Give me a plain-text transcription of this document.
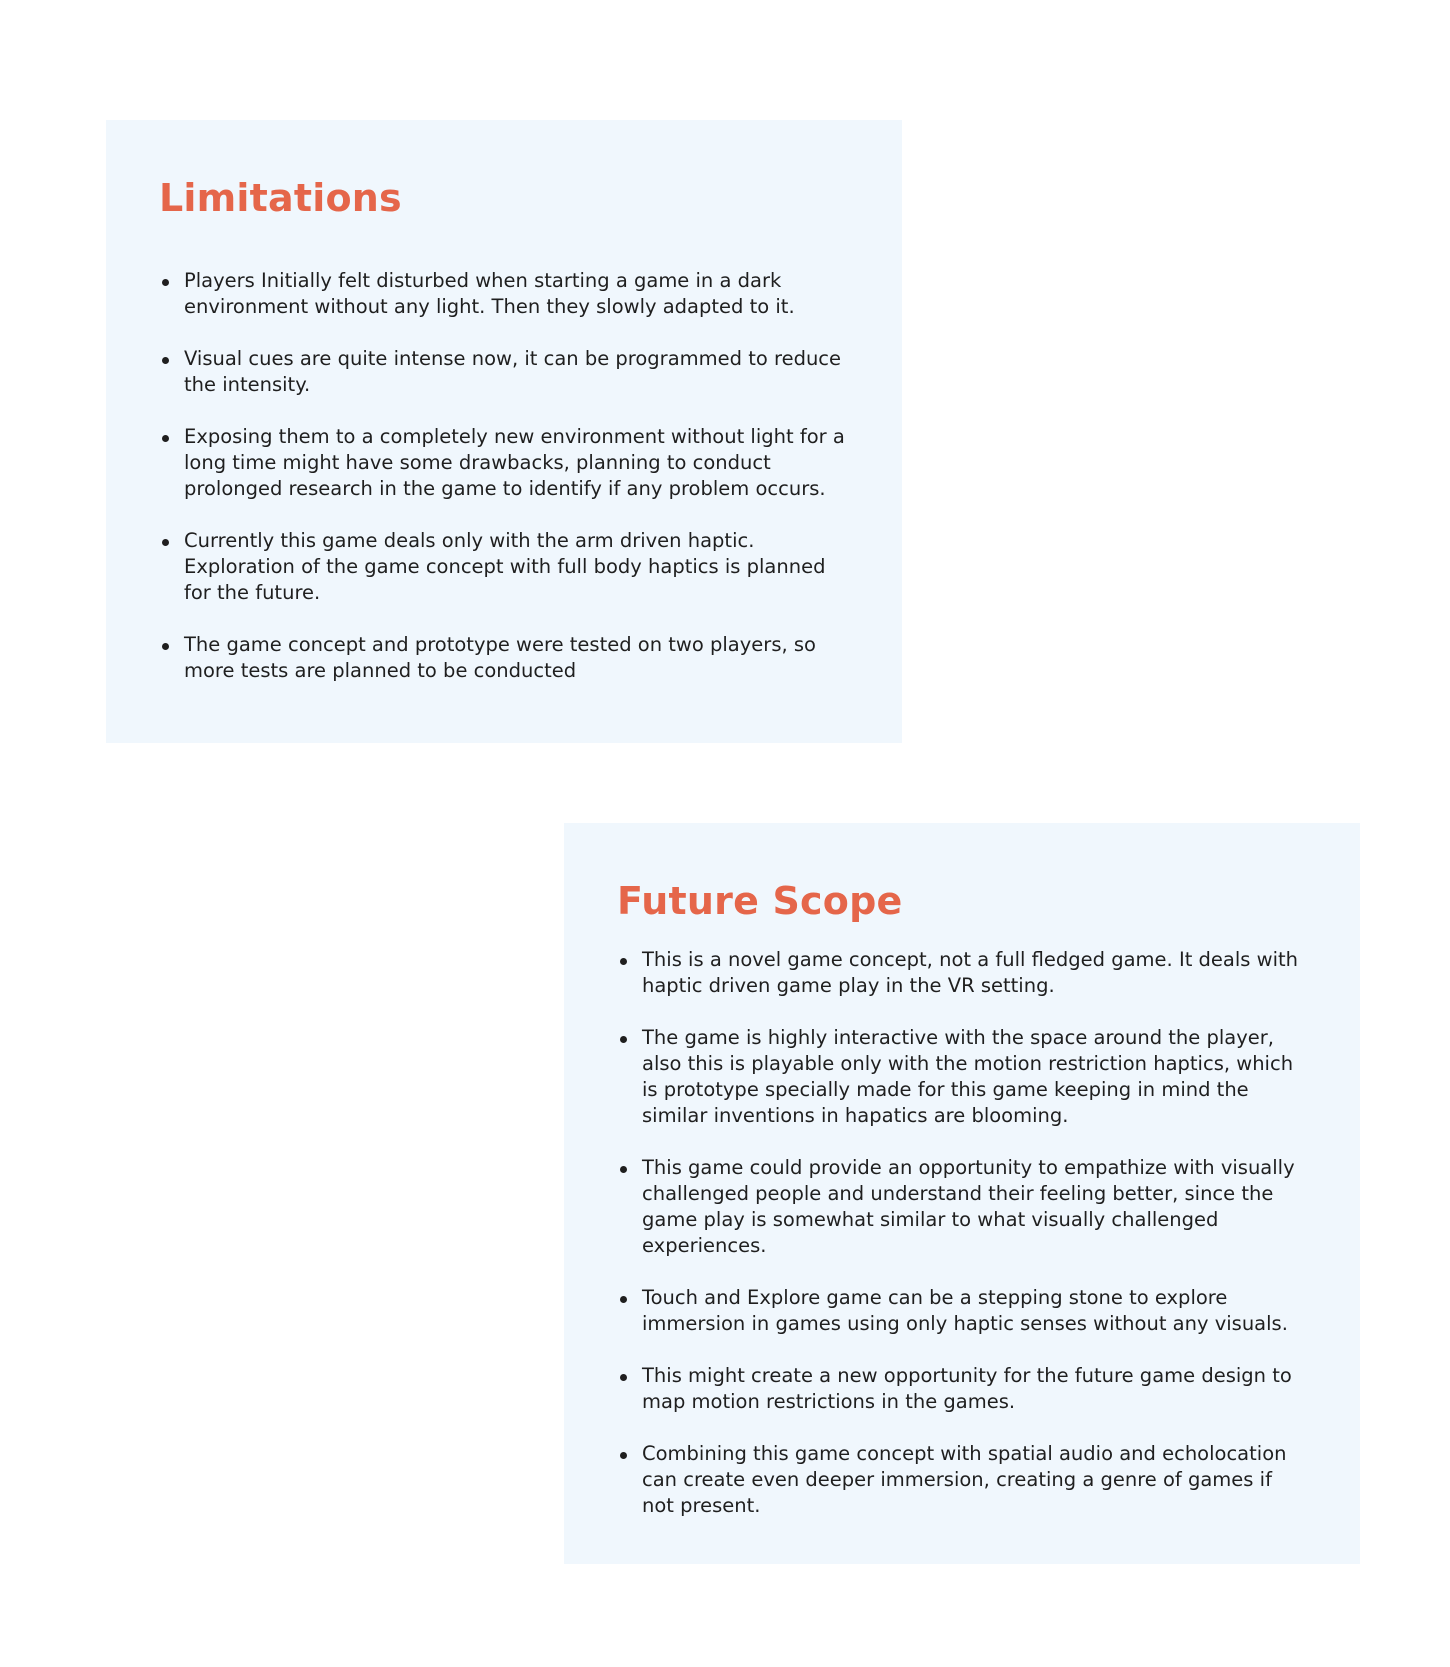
Limitations
Players Initially felt disturbed when starting a game in a dark environment without any light. Then they slowly adapted to it.
Visual cues are quite intense now, it can be programmed to reduce the intensity.
Exposing them to a completely new environment without light for a long time might have some drawbacks, planning to conduct prolonged research in the game to identify if any problem occurs.
Currently this game deals only with the arm driven haptic. Exploration of the game concept with full body haptics is planned for the future.
The game concept and prototype were tested on two players, so more tests are planned to be conducted
Future Scope
This is a novel game concept, not a full fledged game. It deals with haptic driven game play in the VR setting.
The game is highly interactive with the space around the player, also this is playable only with the motion restriction haptics, which is prototype specially made for this game keeping in mind the similar inventions in hapatics are blooming.
This game could provide an opportunity to empathize with visually challenged people and understand their feeling better, since the game play is somewhat similar to what visually challenged experiences.
Touch and Explore game can be a stepping stone to explore immersion in games using only haptic senses without any visuals.
This might create a new opportunity for the future game design to map motion restrictions in the games.
Combining this game concept with spatial audio and echolocation can create even deeper immersion, creating a genre of games if not present.
